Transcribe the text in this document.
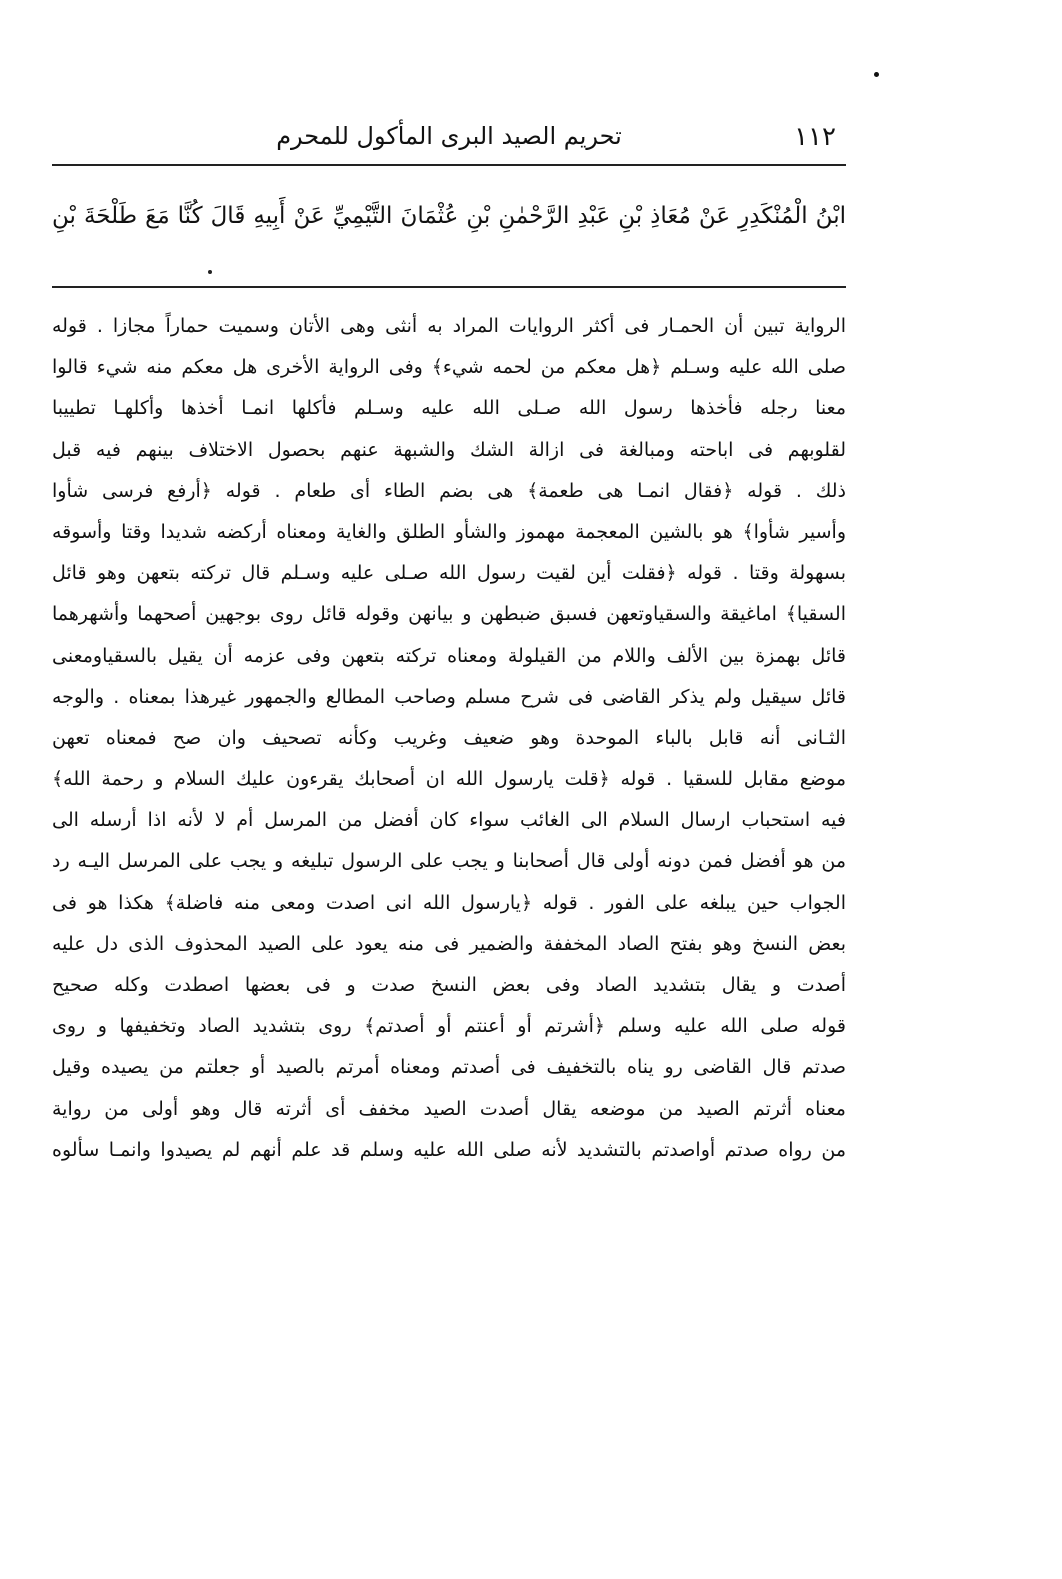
١١٢
تحريم الصيد البرى المأكول للمحرم
ابْنُ الْمُنْكَدِرِ عَنْ مُعَاذِ بْنِ عَبْدِ الرَّحْمٰنِ بْنِ عُثْمَانَ التَّيْمِيِّ عَنْ أَبِيهِ قَالَ كُنَّا مَعَ طَلْحَةَ بْنِ
الرواية تبين أن الحمـار فى أكثر الروايات المراد به أنثى وهى الأتان وسميت حماراً مجازا . قوله
صلى الله عليه وسـلم ﴿هل معكم من لحمه شيء﴾ وفى الرواية الأخرى هل معكم منه شيء قالوا
معنا رجله فأخذها رسول الله صـلى الله عليه وسـلم فأكلها انمـا أخذها وأكلهـا تطييبا
لقلوبهم فى اباحته ومبالغة فى ازالة الشك والشبهة عنهم بحصول الاختلاف بينهم فيه قبل
ذلك . قوله ﴿فقال انمـا هى طعمة﴾ هى بضم الطاء أى طعام . قوله ﴿أرفع فرسى شأوا
وأسير شأوا﴾ هو بالشين المعجمة مهموز والشأو الطلق والغاية ومعناه أركضه شديدا وقتا وأسوقه
بسهولة وقتا . قوله ﴿فقلت أين لقيت رسول الله صـلى عليه وسـلم قال تركته بتعهن وهو قائل
السقيا﴾ اماغيقة والسقياوتعهن فسبق ضبطهن و بيانهن وقوله قائل روى بوجهين أصحهما وأشهرهما
قائل بهمزة بين الألف واللام من القيلولة ومعناه تركته بتعهن وفى عزمه أن يقيل بالسقياومعنى
قائل سيقيل ولم يذكر القاضى فى شرح مسلم وصاحب المطالع والجمهور غيرهذا بمعناه . والوجه
الثـانى أنه قابل بالباء الموحدة وهو ضعيف وغريب وكأنه تصحيف وان صح فمعناه تعهن
موضع مقابل للسقيا . قوله ﴿قلت يارسول الله ان أصحابك يقرءون عليك السلام و رحمة الله﴾
فيه استحباب ارسال السلام الى الغائب سواء كان أفضل من المرسل أم لا لأنه اذا أرسله الى
من هو أفضل فمن دونه أولى قال أصحابنا و يجب على الرسول تبليغه و يجب على المرسل اليـه رد
الجواب حين يبلغه على الفور . قوله ﴿يارسول الله انى اصدت ومعى منه فاضلة﴾ هكذا هو فى
بعض النسخ وهو بفتح الصاد المخففة والضمير فى منه يعود على الصيد المحذوف الذى دل عليه
أصدت و يقال بتشديد الصاد وفى بعض النسخ صدت و فى بعضها اصطدت وكله صحيح
قوله صلى الله عليه وسلم ﴿أشرتم أو أعنتم أو أصدتم﴾ روى بتشديد الصاد وتخفيفها و روى
صدتم قال القاضى رو يناه بالتخفيف فى أصدتم ومعناه أمرتم بالصيد أو جعلتم من يصيده وقيل
معناه أثرتم الصيد من موضعه يقال أصدت الصيد مخفف أى أثرته قال وهو أولى من رواية
من رواه صدتم أواصدتم بالتشديد لأنه صلى الله عليه وسلم قد علم أنهم لم يصيدوا وانمـا سألوه
